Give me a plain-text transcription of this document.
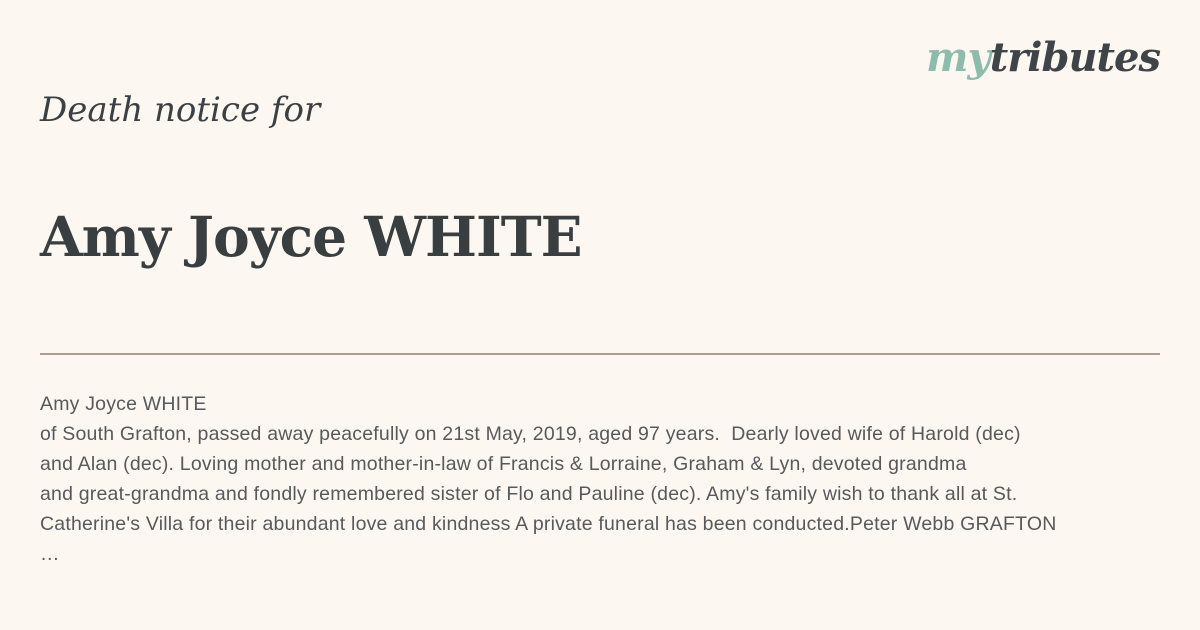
mytributes
Death notice for
Amy Joyce WHITE
Amy Joyce WHITE
of South Grafton, passed away peacefully on 21st May, 2019, aged 97 years.  Dearly loved wife of Harold (dec)
and Alan (dec). Loving mother and mother-in-law of Francis & Lorraine, Graham & Lyn, devoted grandma
and great-grandma and fondly remembered sister of Flo and Pauline (dec). Amy's family wish to thank all at St.
Catherine's Villa for their abundant love and kindness A private funeral has been conducted.Peter Webb GRAFTON
…
